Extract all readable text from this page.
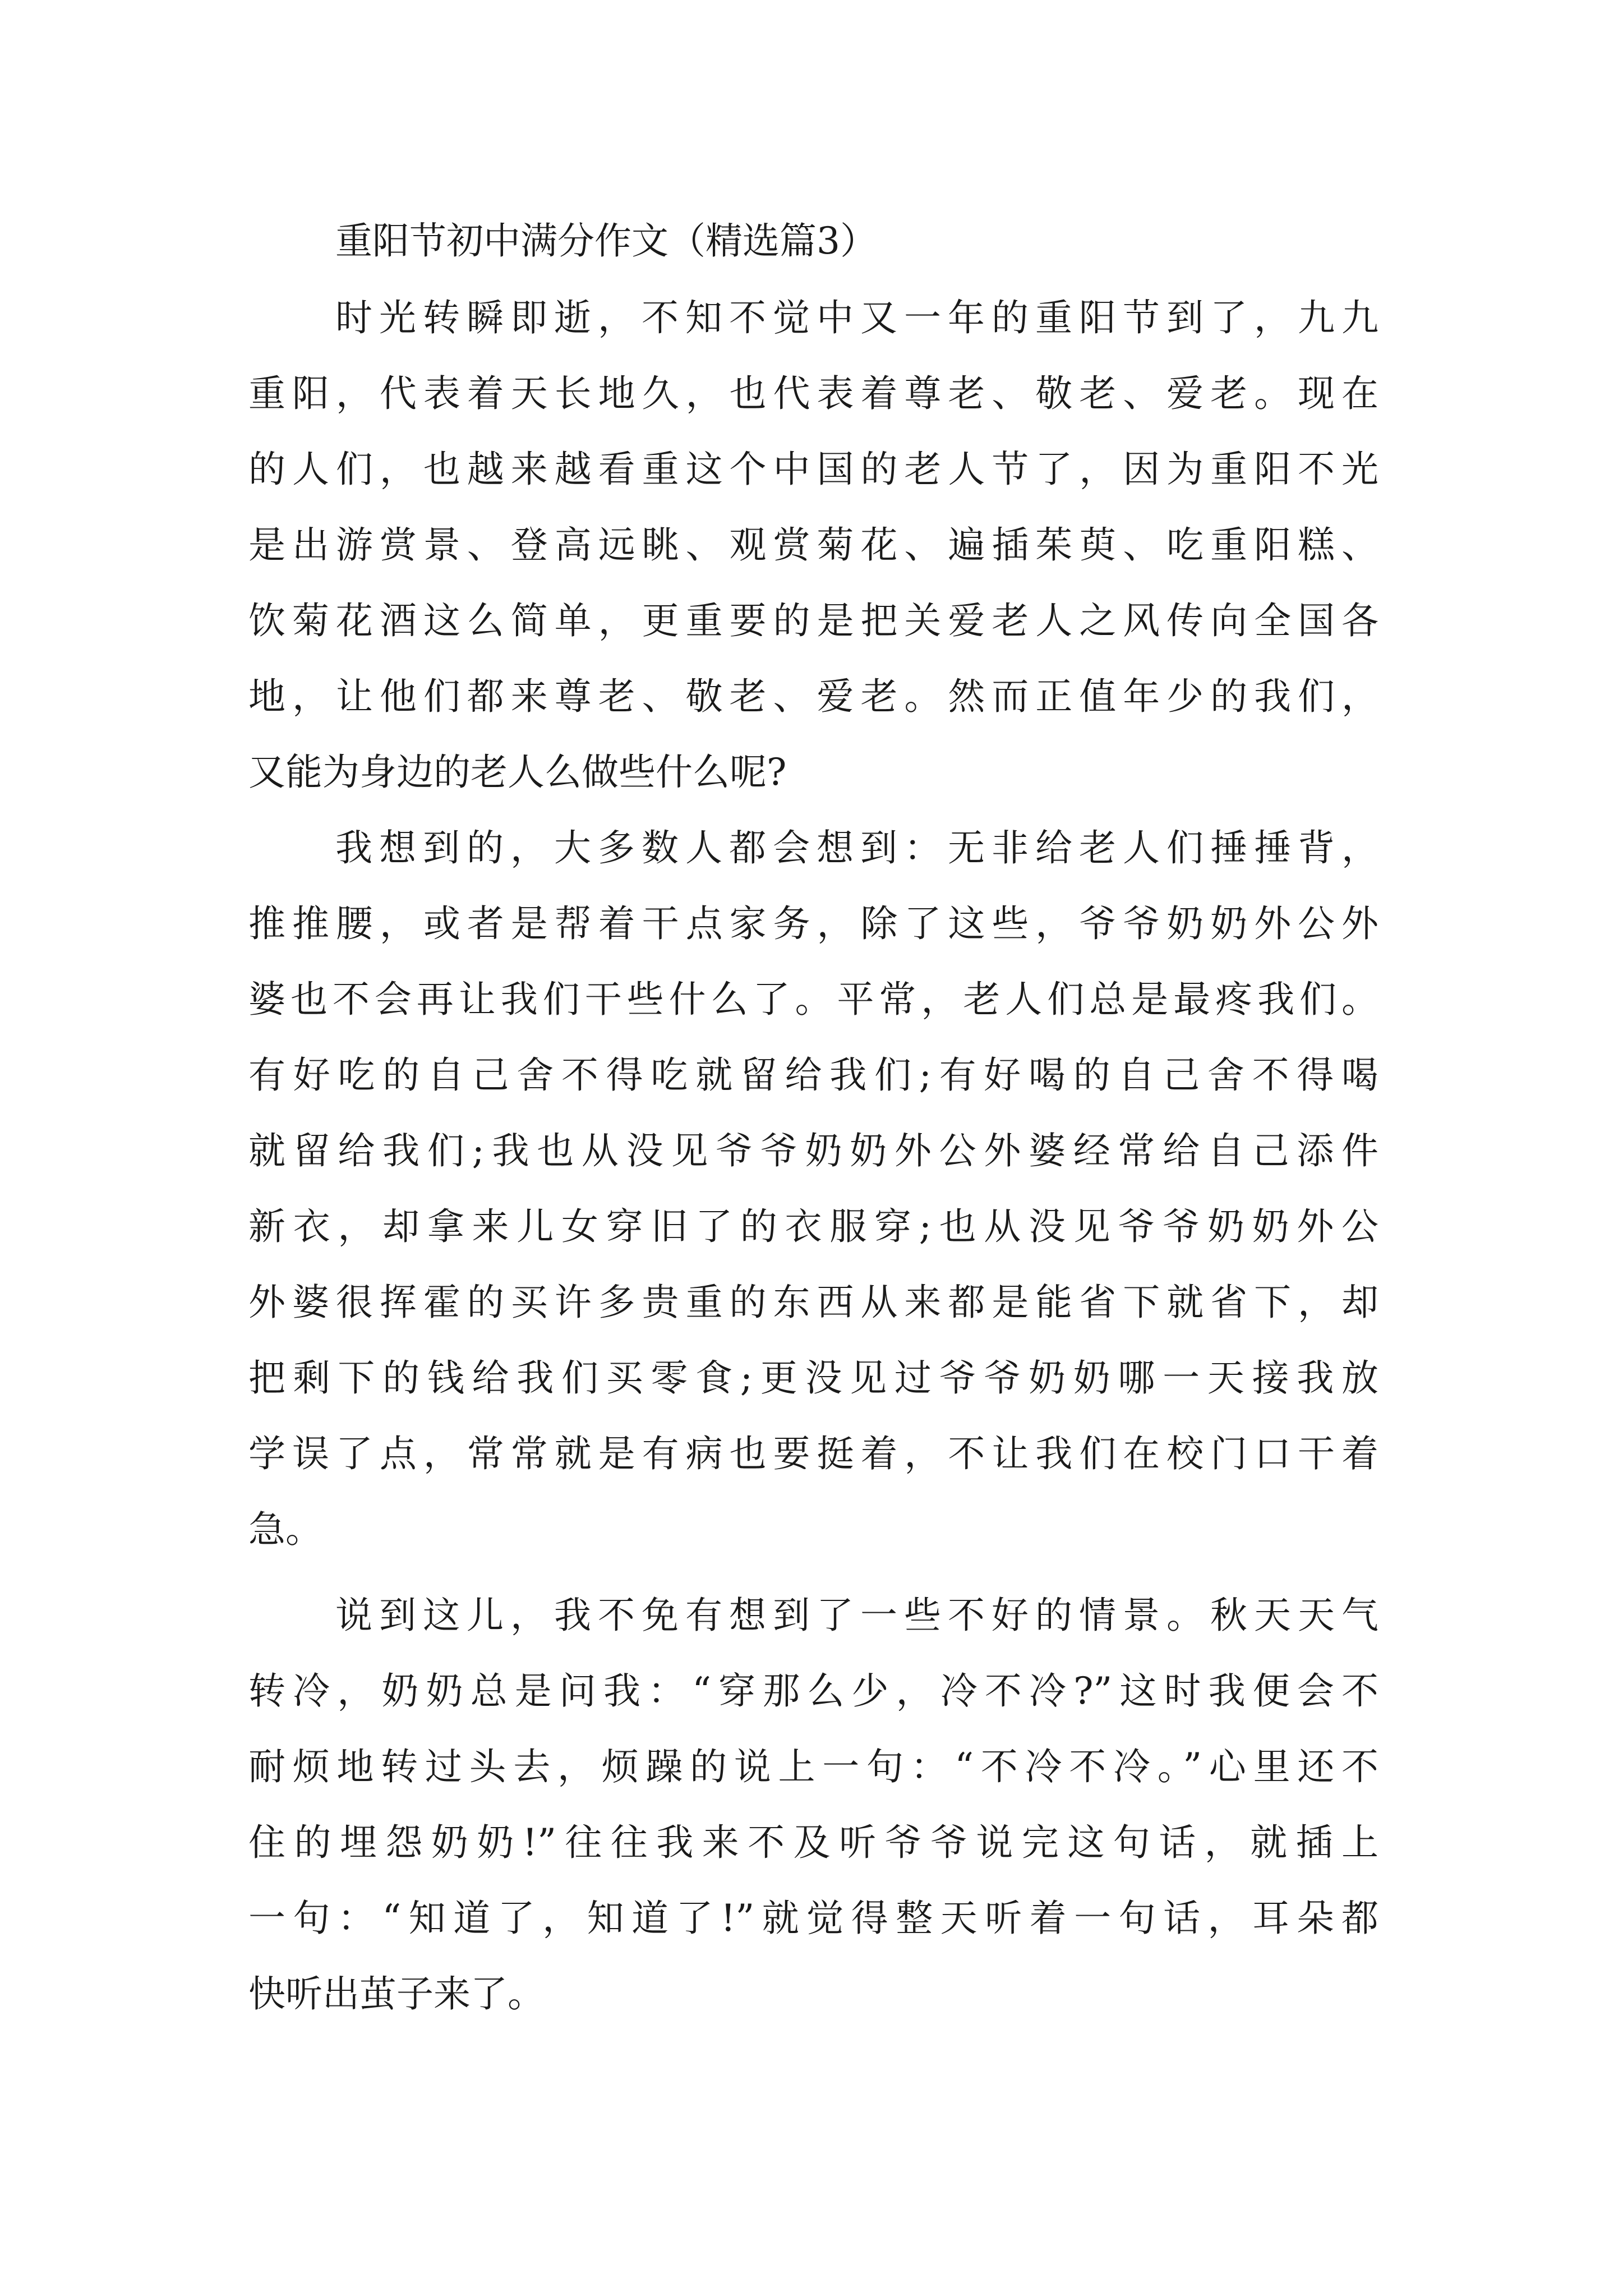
重阳节初中满分作文（精选篇3）

时光转瞬即逝，不知不觉中又一年的重阳节到了，九九

重阳，代表着天长地久，也代表着尊老、敬老、爱老。现在

的人们，也越来越看重这个中国的老人节了，因为重阳不光

是出游赏景、登高远眺、观赏菊花、遍插茱萸、吃重阳糕、

饮菊花酒这么简单，更重要的是把关爱老人之风传向全国各

地，让他们都来尊老、敬老、爱老。然而正值年少的我们，

又能为身边的老人么做些什么呢?

我想到的，大多数人都会想到：无非给老人们捶捶背，

推推腰，或者是帮着干点家务，除了这些，爷爷奶奶外公外

婆也不会再让我们干些什么了。平常，老人们总是最疼我们。

有好吃的自己舍不得吃就留给我们;有好喝的自己舍不得喝

就留给我们;我也从没见爷爷奶奶外公外婆经常给自己添件

新衣，却拿来儿女穿旧了的衣服穿;也从没见爷爷奶奶外公

外婆很挥霍的买许多贵重的东西从来都是能省下就省下，却

把剩下的钱给我们买零食;更没见过爷爷奶奶哪一天接我放

学误了点，常常就是有病也要挺着，不让我们在校门口干着

急。

说到这儿，我不免有想到了一些不好的情景。秋天天气

转冷，奶奶总是问我：“穿那么少，冷不冷?”这时我便会不

耐烦地转过头去，烦躁的说上一句：“不冷不冷。”心里还不

住的埋怨奶奶!”往往我来不及听爷爷说完这句话，就插上

一句：“知道了，知道了!”就觉得整天听着一句话，耳朵都

快听出茧子来了。
